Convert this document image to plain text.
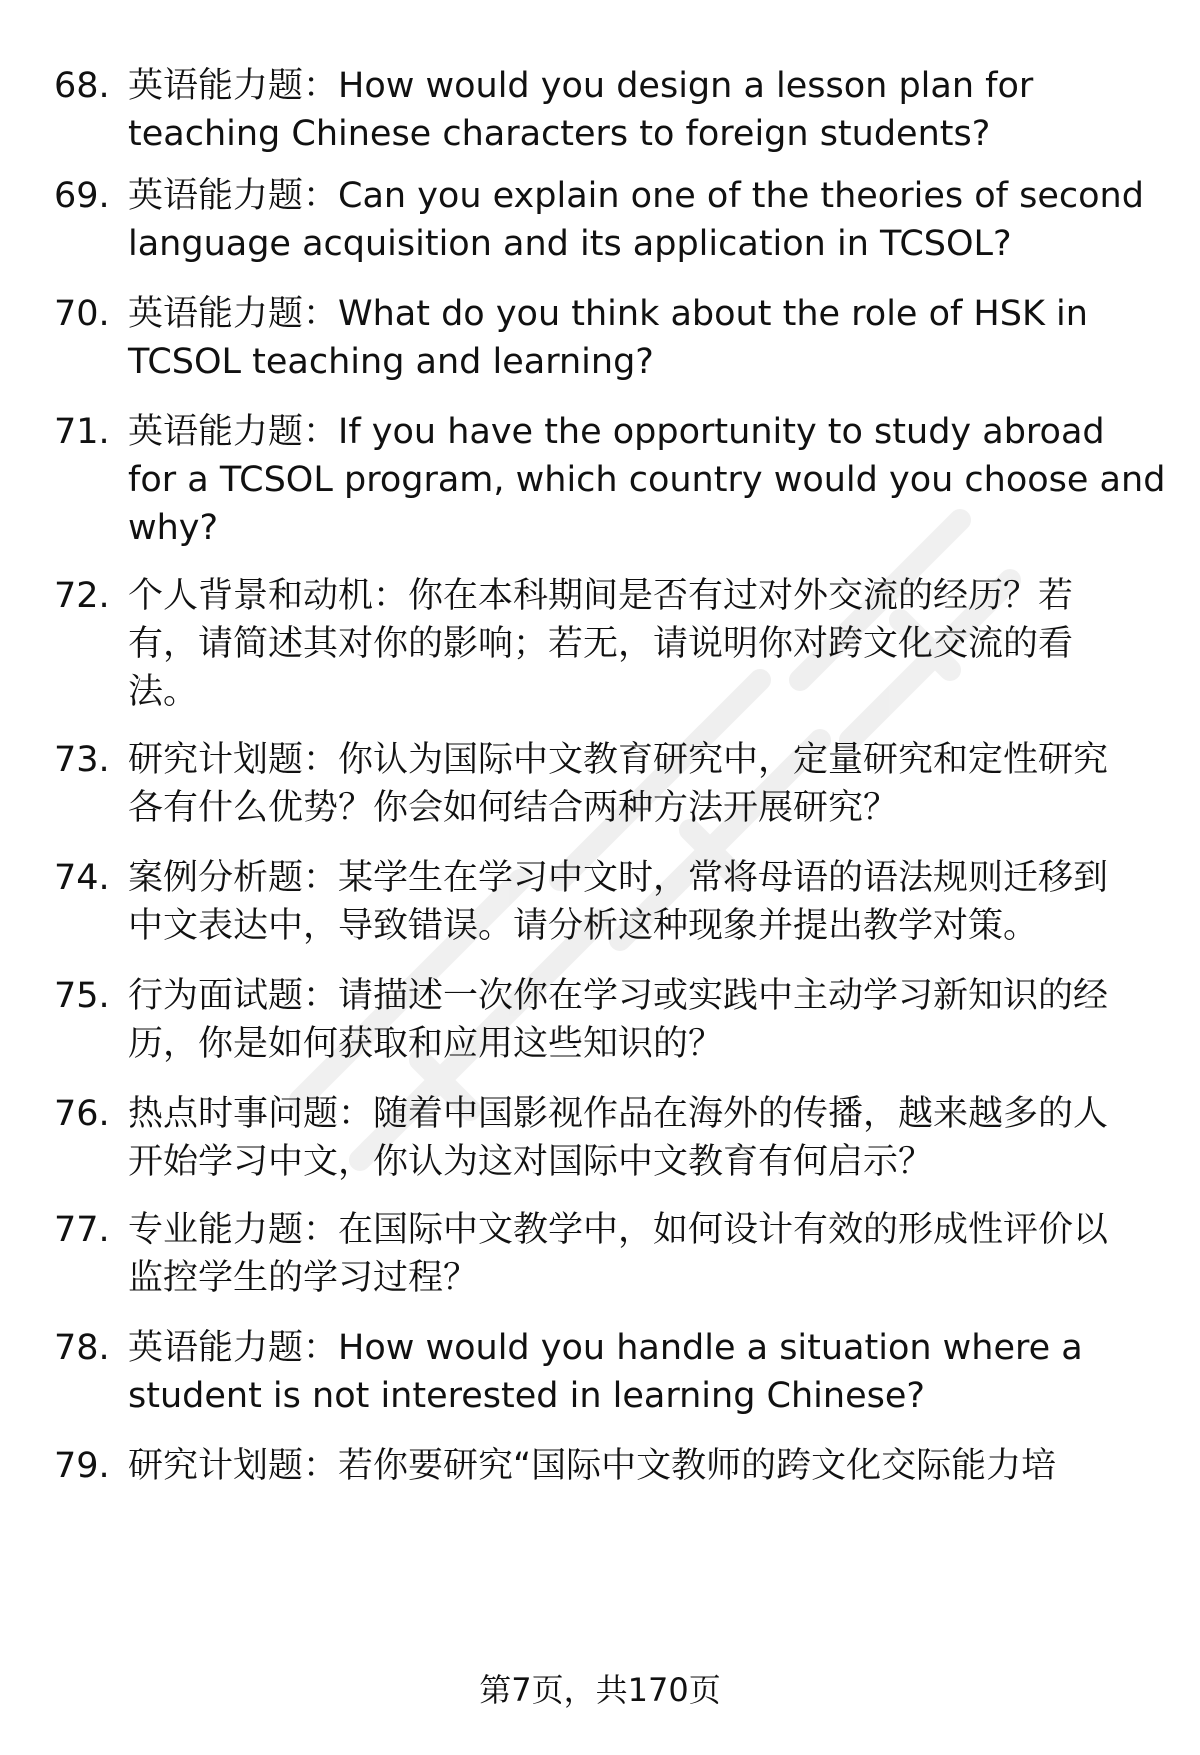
68. 英语能力题：How would you design a lesson plan for
teaching Chinese characters to foreign students?
69. 英语能力题：Can you explain one of the theories of second
language acquisition and its application in TCSOL?
70. 英语能力题：What do you think about the role of HSK in
TCSOL teaching and learning?
71. 英语能力题：If you have the opportunity to study abroad
for a TCSOL program, which country would you choose and
why?
72. 个人背景和动机：你在本科期间是否有过对外交流的经历？若
有，请简述其对你的影响；若无，请说明你对跨文化交流的看
法。
73. 研究计划题：你认为国际中文教育研究中，定量研究和定性研究
各有什么优势？你会如何结合两种方法开展研究？
74. 案例分析题：某学生在学习中文时，常将母语的语法规则迁移到
中文表达中，导致错误。请分析这种现象并提出教学对策。
75. 行为面试题：请描述一次你在学习或实践中主动学习新知识的经
历，你是如何获取和应用这些知识的？
76. 热点时事问题：随着中国影视作品在海外的传播，越来越多的人
开始学习中文，你认为这对国际中文教育有何启示？
77. 专业能力题：在国际中文教学中，如何设计有效的形成性评价以
监控学生的学习过程？
78. 英语能力题：How would you handle a situation where a
student is not interested in learning Chinese?
79. 研究计划题：若你要研究“国际中文教师的跨文化交际能力培
第7页，共170页
